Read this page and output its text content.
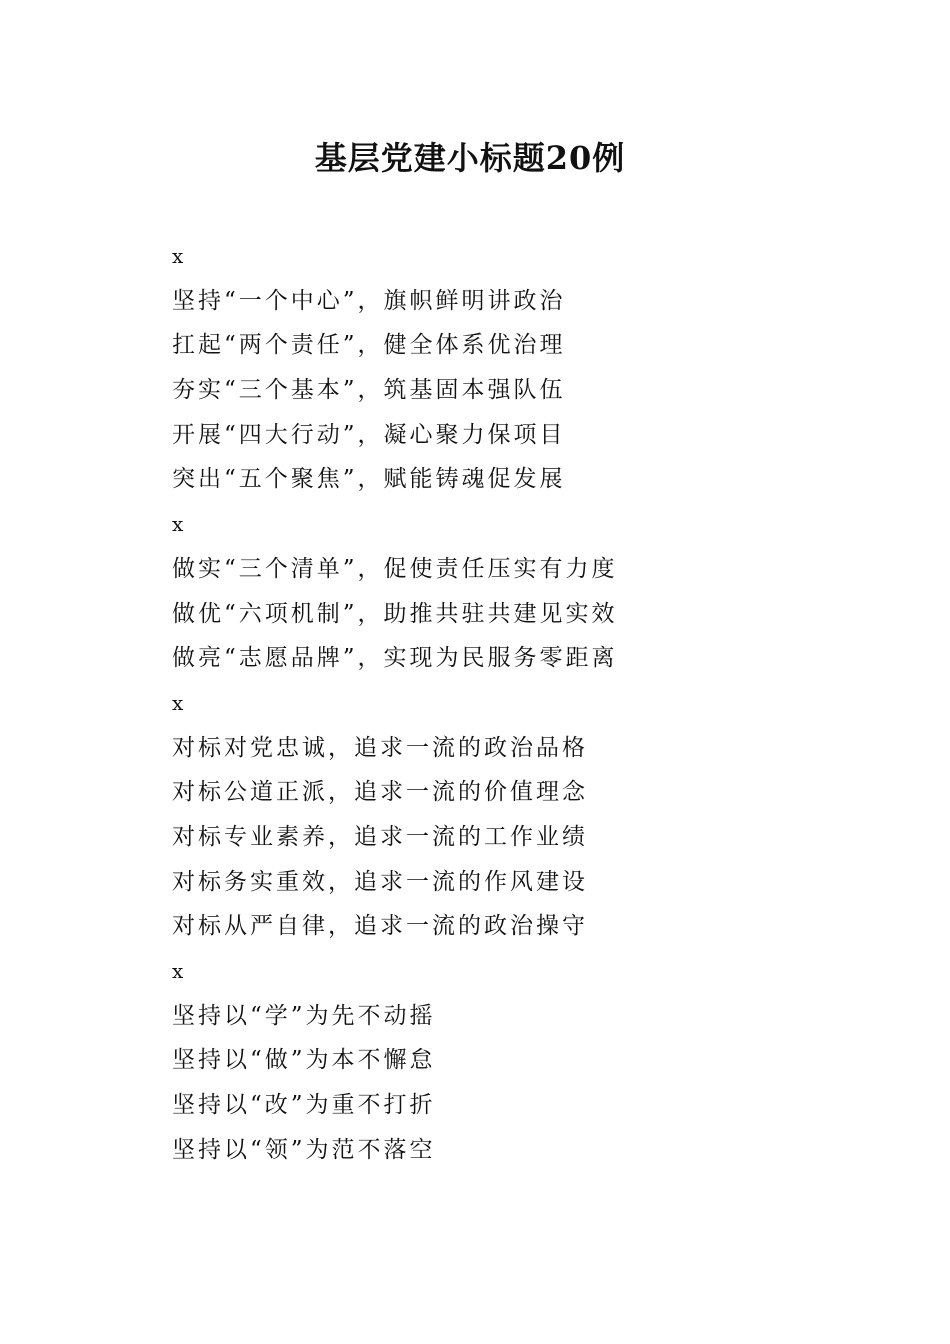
基层党建小标题20例
x
坚持“一个中心”，旗帜鲜明讲政治
扛起“两个责任”，健全体系优治理
夯实“三个基本”，筑基固本强队伍
开展“四大行动”，凝心聚力保项目
突出“五个聚焦”，赋能铸魂促发展
x
做实“三个清单”，促使责任压实有力度
做优“六项机制”，助推共驻共建见实效
做亮“志愿品牌”，实现为民服务零距离
x
对标对党忠诚，追求一流的政治品格
对标公道正派，追求一流的价值理念
对标专业素养，追求一流的工作业绩
对标务实重效，追求一流的作风建设
对标从严自律，追求一流的政治操守
x
坚持以“学”为先不动摇
坚持以“做”为本不懈怠
坚持以“改”为重不打折
坚持以“领”为范不落空
